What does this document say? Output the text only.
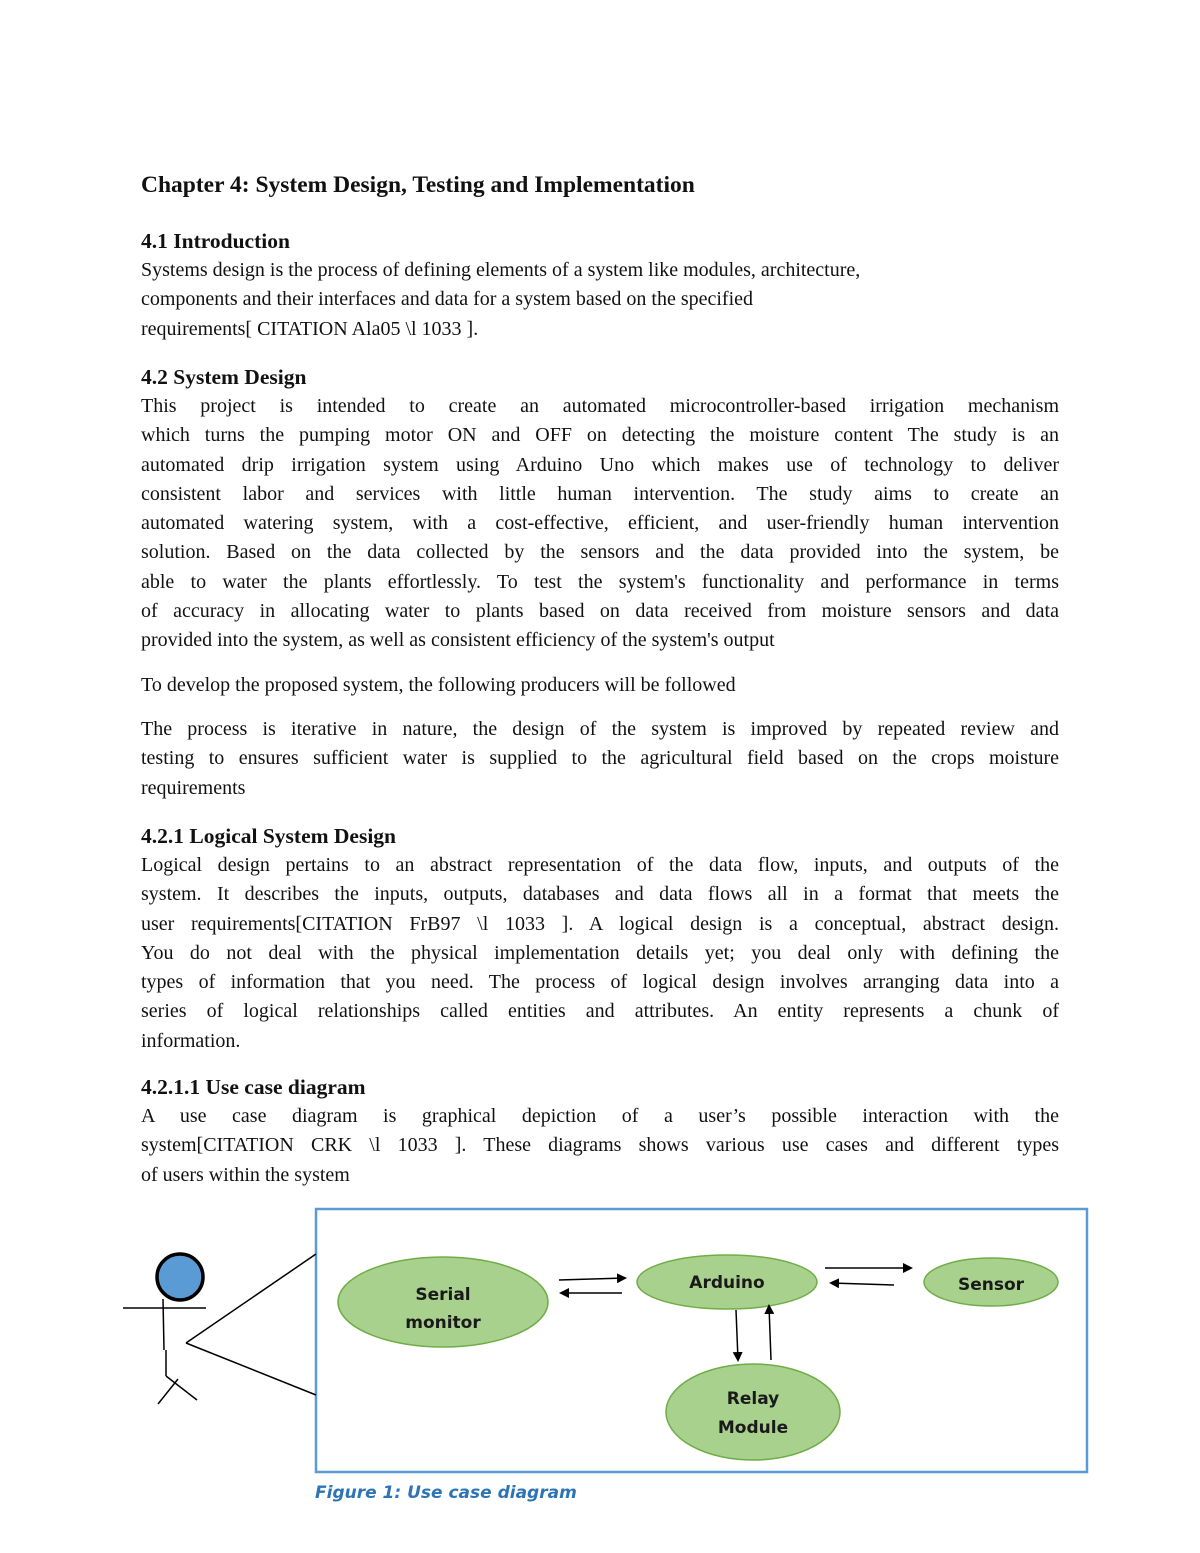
Chapter 4: System Design, Testing and Implementation
4.1 Introduction

Systems design is the process of defining elements of a system like modules, architecture,
components and their interfaces and data for a system based on the specified
requirements[ CITATION Ala05 \l 1033 ].

4.2 System Design

This project is intended to create an automated microcontroller-based irrigation mechanism
which turns the pumping motor ON and OFF on detecting the moisture content The study is an
automated drip irrigation system using Arduino Uno which makes use of technology to deliver
consistent labor and services with little human intervention. The study aims to create an
automated watering system, with a cost-effective, efficient, and user-friendly human intervention
solution. Based on the data collected by the sensors and the data provided into the system, be
able to water the plants effortlessly. To test the system's functionality and performance in terms
of accuracy in allocating water to plants based on data received from moisture sensors and data
provided into the system, as well as consistent efficiency of the system's output

To develop the proposed system, the following producers will be followed

The process is iterative in nature, the design of the system is improved by repeated review and
testing to ensures sufficient water is supplied to the agricultural field based on the crops moisture
requirements

4.2.1 Logical System Design

Logical design pertains to an abstract representation of the data flow, inputs, and outputs of the
system. It describes the inputs, outputs, databases and data flows all in a format that meets the
user requirements[CITATION FrB97 \l 1033 ]. A logical design is a conceptual, abstract design.
You do not deal with the physical implementation details yet; you deal only with defining the
types of information that you need. The process of logical design involves arranging data into a
series of logical relationships called entities and attributes. An entity represents a chunk of
information.

4.2.1.1 Use case diagram

A use case diagram is graphical depiction of a user’s possible interaction with the
system[CITATION CRK \l 1033 ]. These diagrams shows various use cases and different types
of users within the system

Serial
monitor
Arduino	Sensor
Relay
Module
Figure 1: Use case diagram
